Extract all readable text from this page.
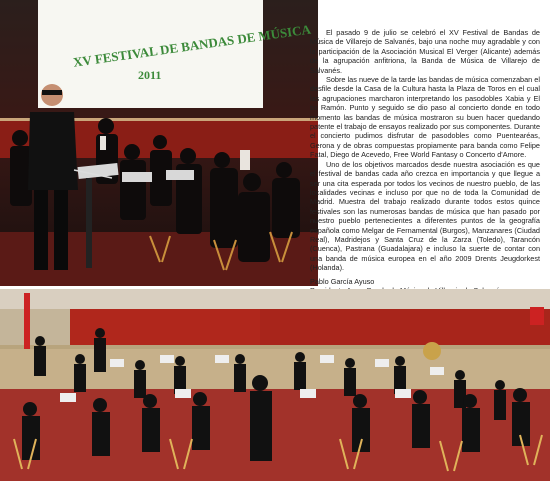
XV FESTIVAL DE BANDAS DE MÚSICA
2011

El pasado 9 de julio se celebró el XV Festival de Bandas de Música de Villarejo de Salvanés, bajo una noche muy agradable y con la participación de la Asociación Musical El Verger (Alicante) además de la agrupación anfitriona, la Banda de Música de Villarejo de Salvanés.

Sobre las nueve de la tarde las bandas de música comenzaban el desfile desde la Casa de la Cultura hasta la Plaza de Toros en el cual las agrupaciones marcharon interpretando los pasodobles Xabia y El tio Ramón. Punto y seguido se dio paso al concierto donde en todo momento las bandas de música mostraron su buen hacer quedando patente el trabajo de ensayos realizado por sus componentes. Durante el concierto pudimos disfrutar de pasodobles como Puentearéas, Gerona y de obras compuestas propiamente para banda como Felipe Fatal, Diego de Acevedo, Free World Fantasy o Concerto d'Amore.

Uno de los objetivos marcados desde nuestra asociación es que el festival de bandas cada año crezca en importancia y que llegue a ser una cita esperada por todos los vecinos de nuestro pueblo, de las localidades vecinas e incluso por que no de toda la Comunidad de Madrid. Muestra del trabajo realizado durante todos estos quince festivales son las numerosas bandas de música que han pasado por nuestro pueblo pertenecientes a diferentes puntos de la geografía española como Melgar de Fernamental (Burgos), Manzanares (Ciudad Real), Madridejos y Santa Cruz de la Zarza (Toledo), Tarancón (Cuenca), Pastrana (Guadalajara) e incluso la suerte de contar con una banda de música europea en el año 2009 Drents Jeugdorkest (Holanda).

Pablo García Ayuso
